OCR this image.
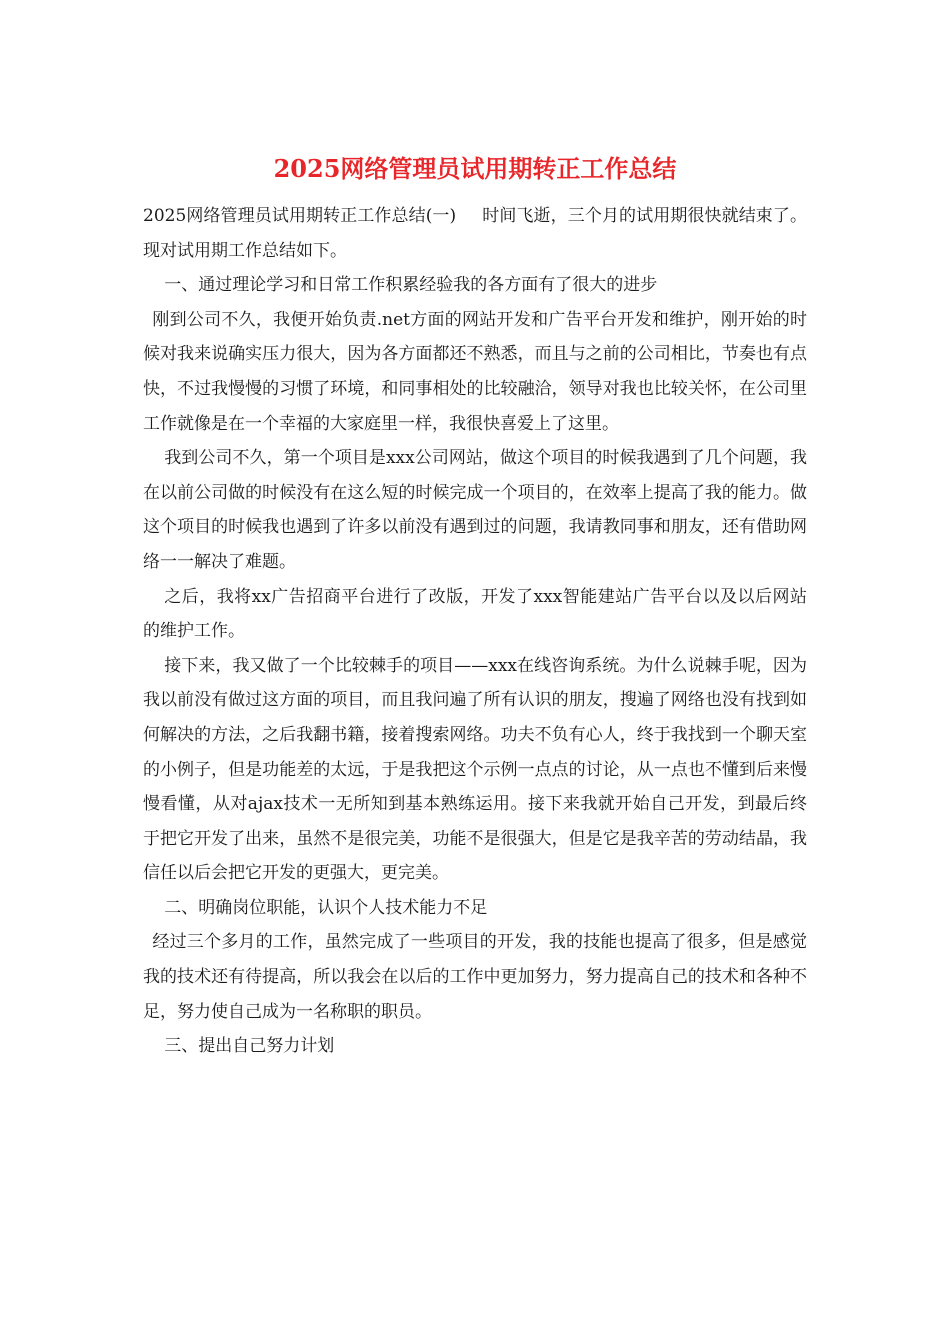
2025网络管理员试用期转正工作总结

2025网络管理员试用期转正工作总结(一) 时间飞逝，三个月的试用期很快就结束了。现对试用期工作总结如下。

一、通过理论学习和日常工作积累经验我的各方面有了很大的进步

刚到公司不久，我便开始负责.net方面的网站开发和广告平台开发和维护，刚开始的时候对我来说确实压力很大，因为各方面都还不熟悉，而且与之前的公司相比，节奏也有点快，不过我慢慢的习惯了环境，和同事相处的比较融洽，领导对我也比较关怀，在公司里工作就像是在一个幸福的大家庭里一样，我很快喜爱上了这里。

我到公司不久，第一个项目是xxx公司网站，做这个项目的时候我遇到了几个问题，我在以前公司做的时候没有在这么短的时候完成一个项目的，在效率上提高了我的能力。做这个项目的时候我也遇到了许多以前没有遇到过的问题，我请教同事和朋友，还有借助网络一一解决了难题。

之后，我将xx广告招商平台进行了改版，开发了xxx智能建站广告平台以及以后网站的维护工作。

接下来，我又做了一个比较棘手的项目——xxx在线咨询系统。为什么说棘手呢，因为我以前没有做过这方面的项目，而且我问遍了所有认识的朋友，搜遍了网络也没有找到如何解决的方法，之后我翻书籍，接着搜索网络。功夫不负有心人，终于我找到一个聊天室的小例子，但是功能差的太远，于是我把这个示例一点点的讨论，从一点也不懂到后来慢慢看懂，从对ajax技术一无所知到基本熟练运用。接下来我就开始自己开发，到最后终于把它开发了出来，虽然不是很完美，功能不是很强大，但是它是我辛苦的劳动结晶，我信任以后会把它开发的更强大，更完美。

二、明确岗位职能，认识个人技术能力不足

经过三个多月的工作，虽然完成了一些项目的开发，我的技能也提高了很多，但是感觉我的技术还有待提高，所以我会在以后的工作中更加努力，努力提高自己的技术和各种不足，努力使自己成为一名称职的职员。

三、提出自己努力计划
